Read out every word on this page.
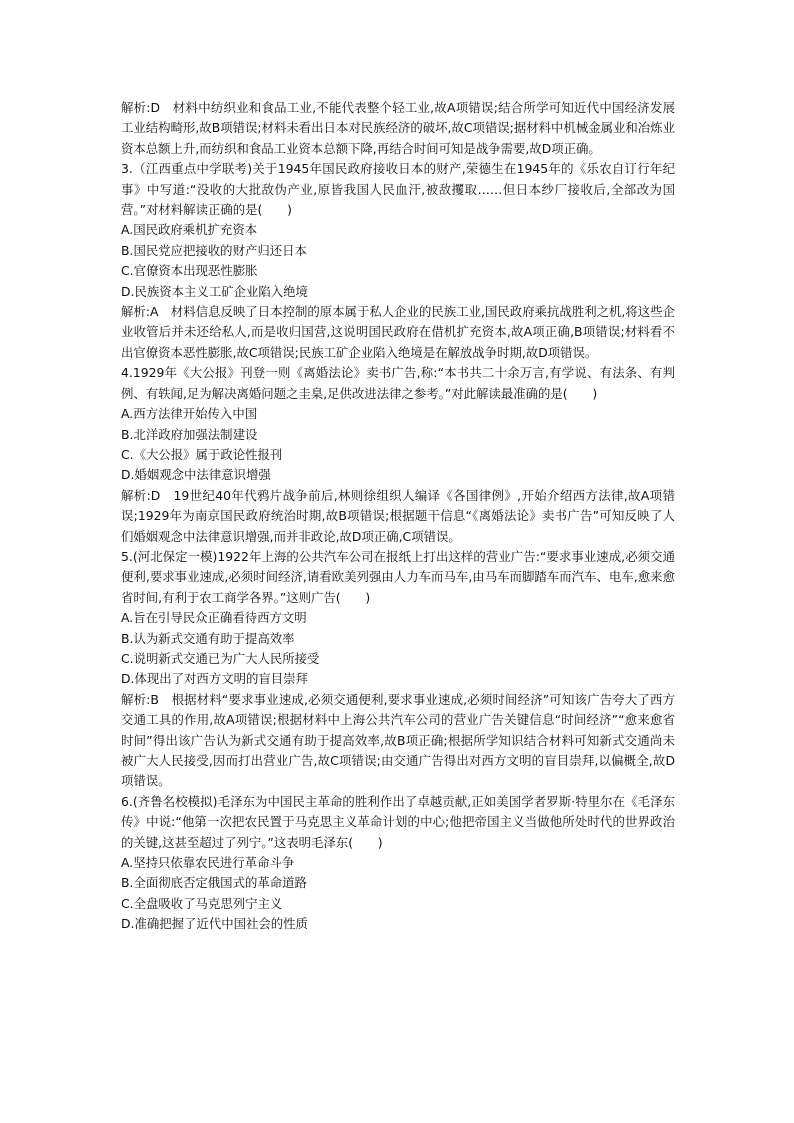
解析:D　材料中纺织业和食品工业,不能代表整个轻工业,故A项错误;结合所学可知近代中国经济发展工业结构畸形,故B项错误;材料未看出日本对民族经济的破坏,故C项错误;据材料中机械金属业和冶炼业资本总额上升,而纺织和食品工业资本总额下降,再结合时间可知是战争需要,故D项正确。

3.（江西重点中学联考)关于1945年国民政府接收日本的财产,荣德生在1945年的《乐农自订行年纪事》中写道:“没收的大批敌伪产业,原皆我国人民血汗,被敌攫取……但日本纱厂接收后,全部改为国营。”对材料解读正确的是(　　)

A.国民政府乘机扩充资本

B.国民党应把接收的财产归还日本

C.官僚资本出现恶性膨胀

D.民族资本主义工矿企业陷入绝境

解析:A　材料信息反映了日本控制的原本属于私人企业的民族工业,国民政府乘抗战胜利之机,将这些企业收管后并未还给私人,而是收归国营,这说明国民政府在借机扩充资本,故A项正确,B项错误;材料看不出官僚资本恶性膨胀,故C项错误;民族工矿企业陷入绝境是在解放战争时期,故D项错误。

4.1929年《大公报》刊登一则《离婚法论》卖书广告,称:“本书共二十余万言,有学说、有法条、有判例、有轶闻,足为解决离婚问题之圭臬,足供改进法律之参考。”对此解读最准确的是(　　)

A.西方法律开始传入中国

B.北洋政府加强法制建设

C.《大公报》属于政论性报刊

D.婚姻观念中法律意识增强

解析:D　19世纪40年代鸦片战争前后,林则徐组织人编译《各国律例》,开始介绍西方法律,故A项错误;1929年为南京国民政府统治时期,故B项错误;根据题干信息“《离婚法论》卖书广告”可知反映了人们婚姻观念中法律意识增强,而并非政论,故D项正确,C项错误。

5.(河北保定一模)1922年上海的公共汽车公司在报纸上打出这样的营业广告:“要求事业速成,必须交通便利,要求事业速成,必须时间经济,请看欧美列强由人力车而马车,由马车而脚踏车而汽车、电车,愈来愈省时间,有利于农工商学各界。”这则广告(　　)

A.旨在引导民众正确看待西方文明

B.认为新式交通有助于提高效率

C.说明新式交通已为广大人民所接受

D.体现出了对西方文明的盲目崇拜

解析:B　根据材料“要求事业速成,必须交通便利,要求事业速成,必须时间经济”可知该广告夸大了西方交通工具的作用,故A项错误;根据材料中上海公共汽车公司的营业广告关键信息“时间经济”“愈来愈省时间”得出该广告认为新式交通有助于提高效率,故B项正确;根据所学知识结合材料可知新式交通尚未被广大人民接受,因而打出营业广告,故C项错误;由交通广告得出对西方文明的盲目崇拜,以偏概全,故D项错误。

6.(齐鲁名校模拟)毛泽东为中国民主革命的胜利作出了卓越贡献,正如美国学者罗斯·特里尔在《毛泽东传》中说:“他第一次把农民置于马克思主义革命计划的中心;他把帝国主义当做他所处时代的世界政治的关键,这甚至超过了列宁。”这表明毛泽东(　　)

A.坚持只依靠农民进行革命斗争

B.全面彻底否定俄国式的革命道路

C.全盘吸收了马克思列宁主义

D.准确把握了近代中国社会的性质
